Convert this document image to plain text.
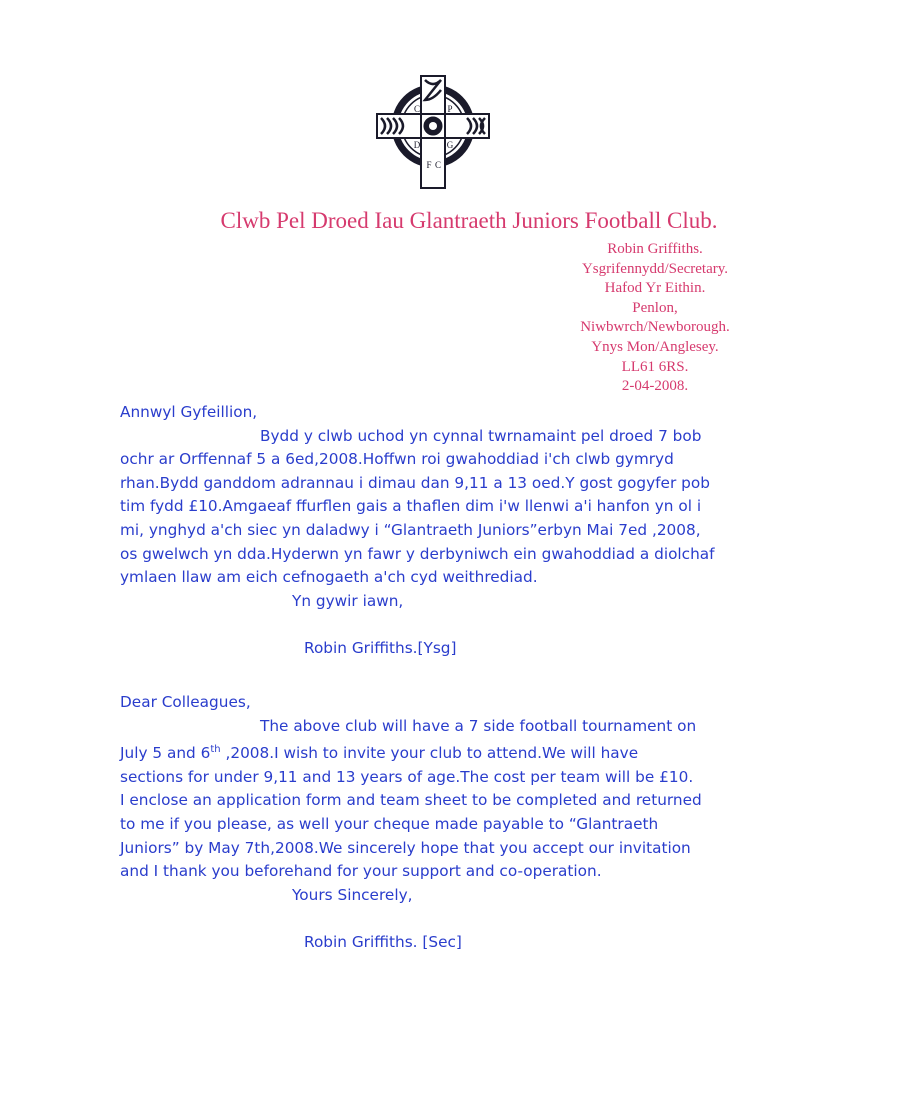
C	P
D	G
F C
Clwb Pel Droed Iau Glantraeth Juniors Football Club.
Robin Griffiths.
Ysgrifennydd/Secretary.
Hafod Yr Eithin.
Penlon,
Niwbwrch/Newborough.
Ynys Mon/Anglesey.
LL61 6RS.
2-04-2008.
Annwyl Gyfeillion,
Bydd y clwb uchod yn cynnal twrnamaint pel droed 7 bob
ochr ar Orffennaf 5 a 6ed,2008.Hoffwn roi gwahoddiad i'ch clwb gymryd
rhan.Bydd ganddom adrannau i dimau dan 9,11 a 13 oed.Y gost gogyfer pob
tim fydd £10.Amgaeaf ffurflen gais a thaflen dim i'w llenwi a'i hanfon yn ol i
mi, ynghyd a'ch siec yn daladwy i “Glantraeth Juniors”erbyn Mai 7ed ,2008,
os gwelwch yn dda.Hyderwn yn fawr y derbyniwch ein gwahoddiad a diolchaf
ymlaen llaw am eich cefnogaeth a'ch cyd weithrediad.
Yn gywir iawn,
Robin Griffiths.[Ysg]
Dear Colleagues,
The above club will have a 7 side football tournament on
July 5 and 6th ,2008.I wish to invite your club to attend.We will have
sections for under 9,11 and 13 years of age.The cost per team will be £10.
I enclose an application form and team sheet to be completed and returned
to me if you please, as well your cheque made payable to “Glantraeth
Juniors” by May 7th,2008.We sincerely hope that you accept our invitation
and I thank you beforehand for your support and co-operation.
Yours Sincerely,
Robin Griffiths. [Sec]
